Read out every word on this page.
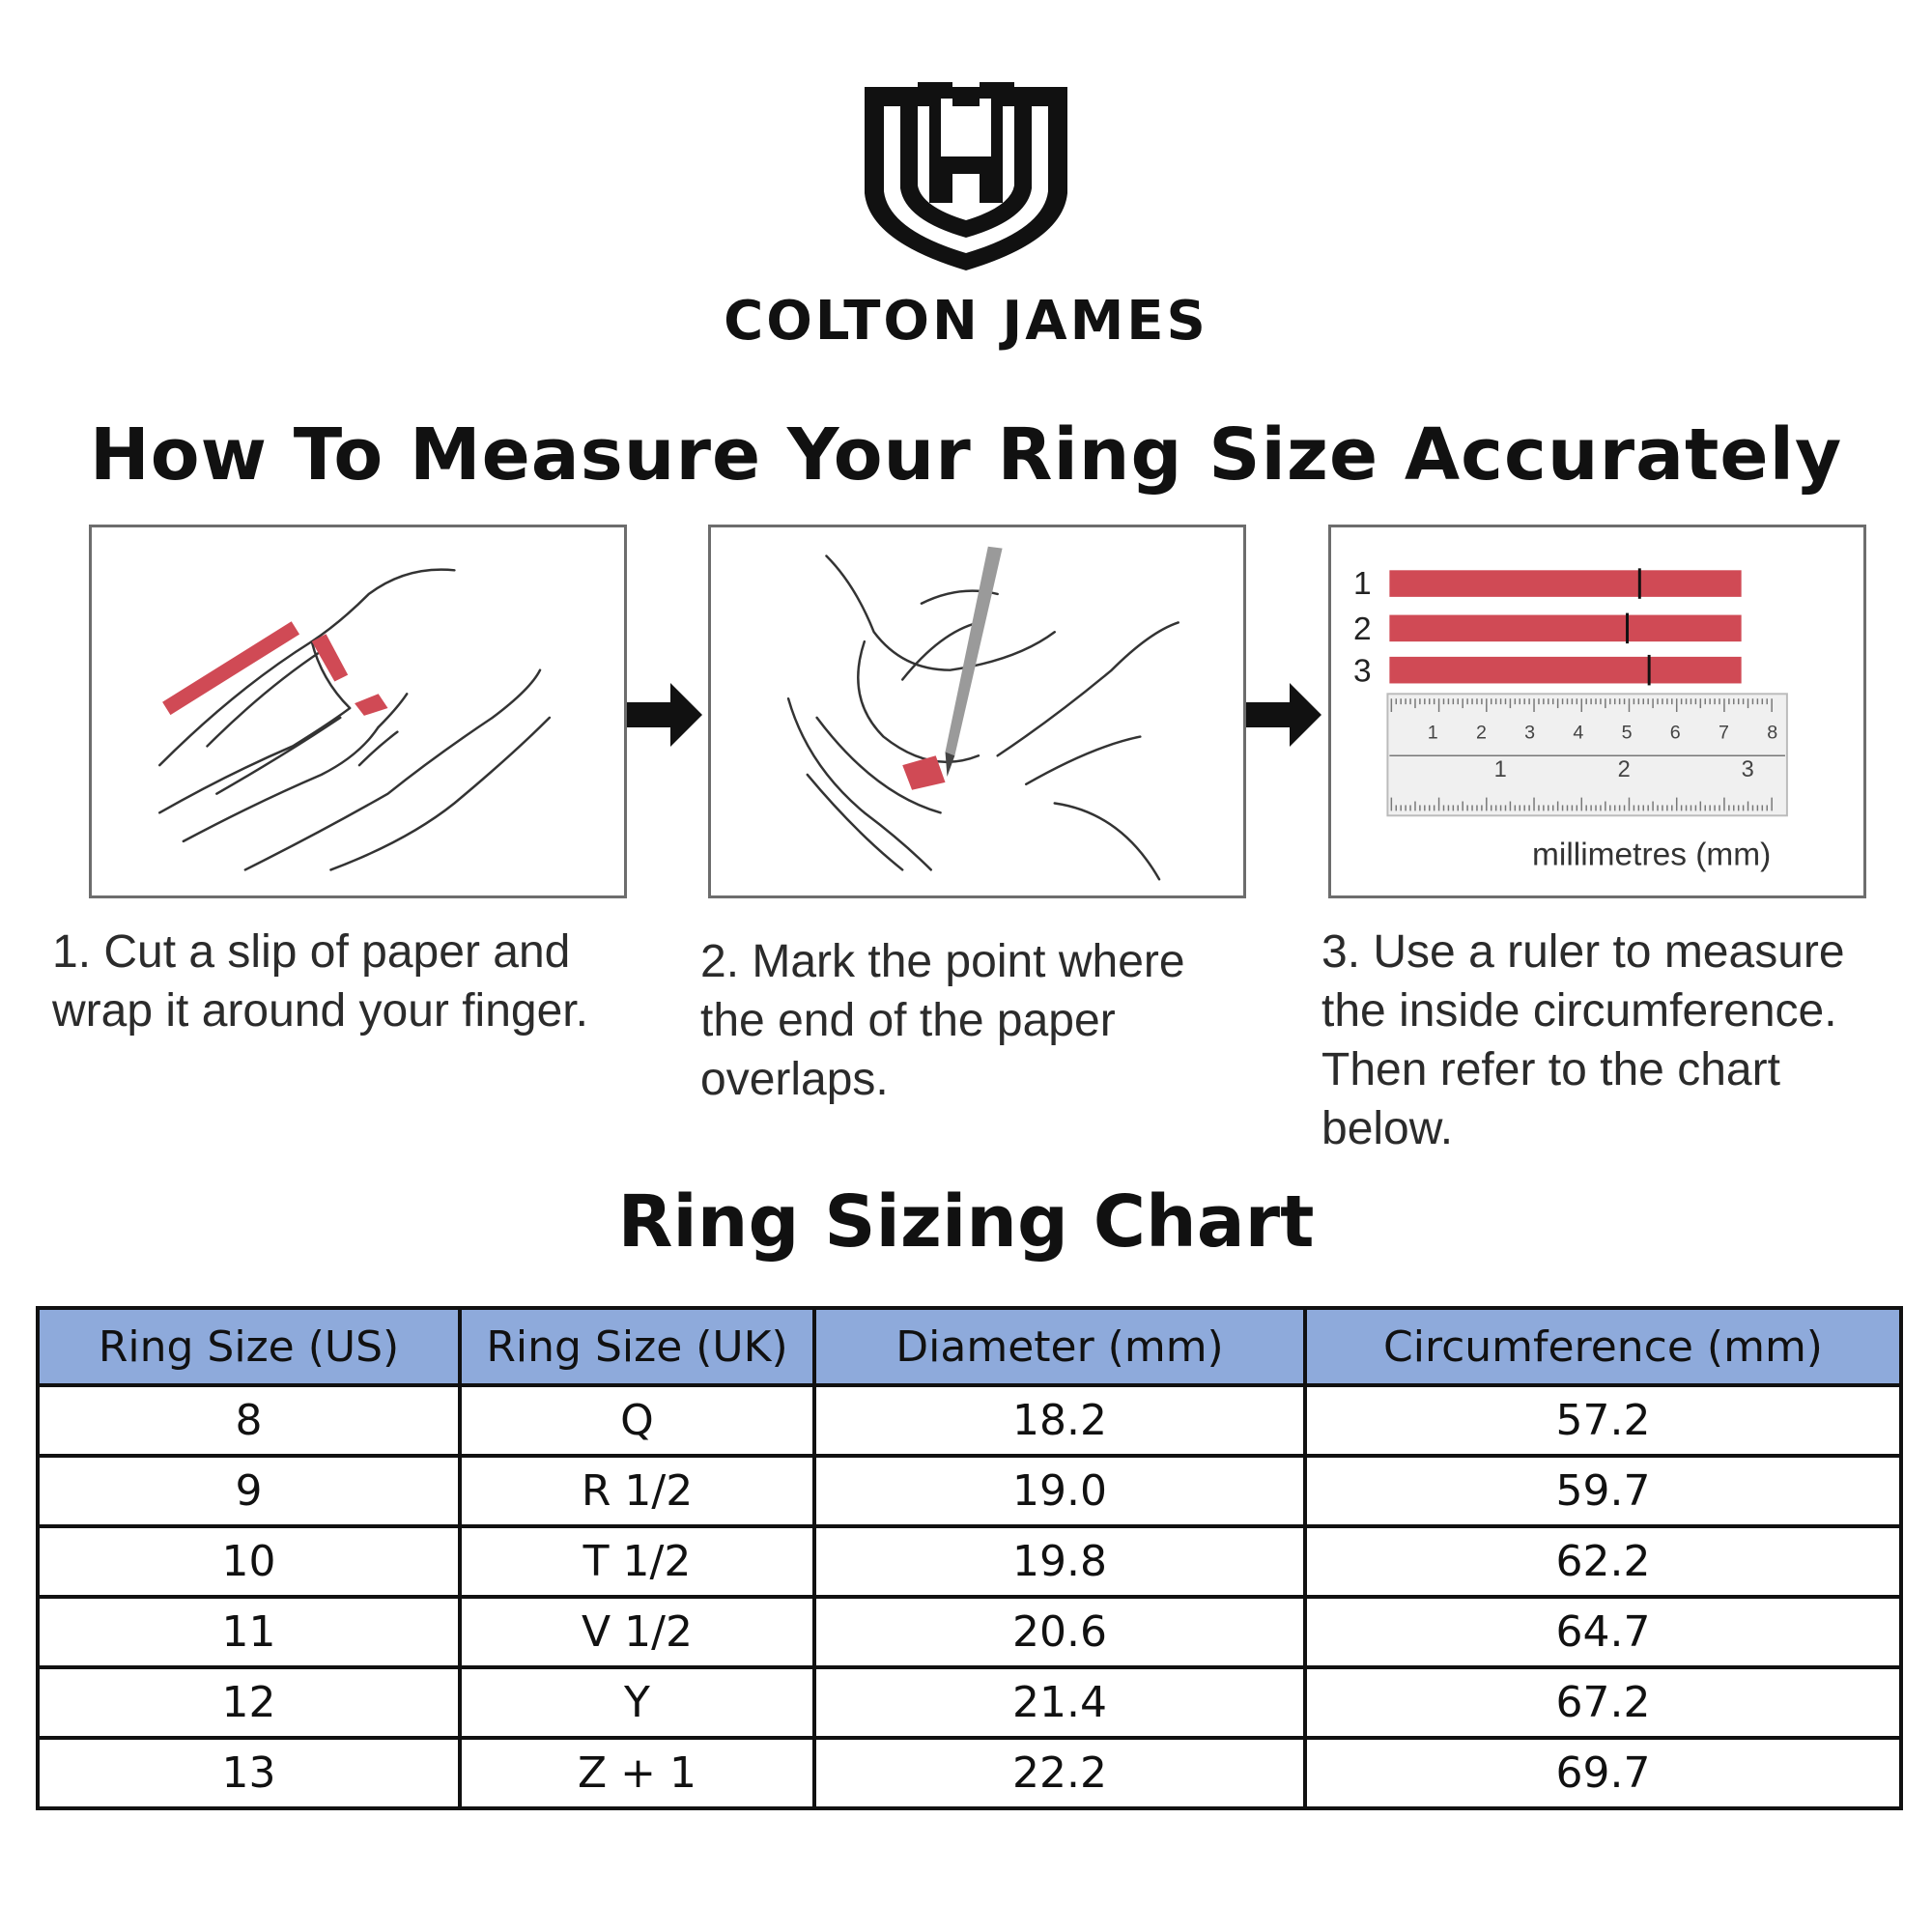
COLTON JAMES
How To Measure Your Ring Size Accurately
1
2
3
1 2 3 4 5 6 7 8
1	2	3
millimetres (mm)
1. Cut a slip of paper and
wrap it around your finger.
2. Mark the point where
the end of the paper
overlaps.
3. Use a ruler to measure
the inside circumference.
Then refer to the chart
below.
Ring Sizing Chart
Ring Size (US)	Ring Size (UK)	Diameter (mm)	Circumference (mm)
8	Q	18.2	57.2
9	R 1/2	19.0	59.7
10	T 1/2	19.8	62.2
11	V 1/2	20.6	64.7
12	Y	21.4	67.2
13	Z + 1	22.2	69.7
